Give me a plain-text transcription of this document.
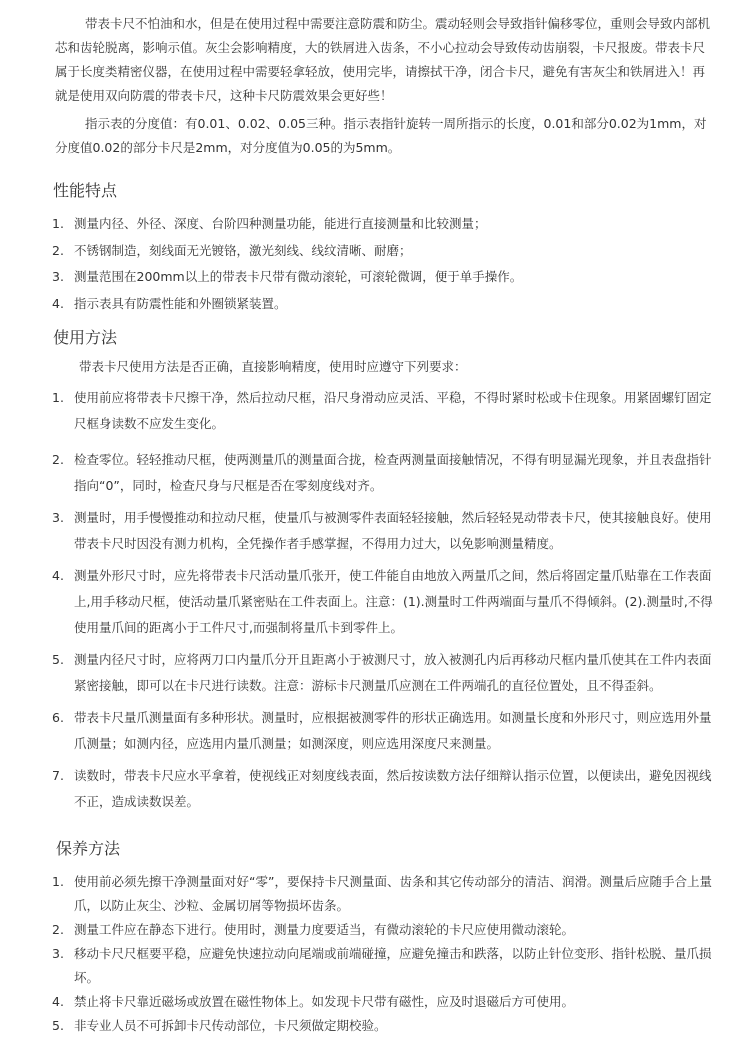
带表卡尺不怕油和水，但是在使用过程中需要注意防震和防尘。震动轻则会导致指针偏移零位，重则会导致内部机芯和齿轮脱离，影响示值。灰尘会影响精度，大的铁屑进入齿条，不小心拉动会导致传动齿崩裂，卡尺报废。带表卡尺属于长度类精密仪器，在使用过程中需要轻拿轻放，使用完毕，请擦拭干净，闭合卡尺，避免有害灰尘和铁屑进入！再就是使用双向防震的带表卡尺，这种卡尺防震效果会更好些！

指示表的分度值：有0.01、0.02、0.05三种。指示表指针旋转一周所指示的长度，0.01和部分0.02为1mm，对分度值0.02的部分卡尺是2mm，对分度值为0.05的为5mm。

性能特点
1. 测量内径、外径、深度、台阶四种测量功能，能进行直接测量和比较测量；
2. 不锈钢制造，刻线面无光镀铬，激光刻线、线纹清晰、耐磨；
3. 测量范围在200mm以上的带表卡尺带有微动滚轮，可滚轮微调，便于单手操作。
4. 指示表具有防震性能和外圈锁紧装置。
使用方法

带表卡尺使用方法是否正确，直接影响精度，使用时应遵守下列要求：

1. 使用前应将带表卡尺擦干净，然后拉动尺框，沿尺身滑动应灵活、平稳，不得时紧时松或卡住现象。用紧固螺钉固定尺框身读数不应发生变化。
2. 检查零位。轻轻推动尺框，使两测量爪的测量面合拢，检查两测量面接触情况，不得有明显漏光现象，并且表盘指针指向“0”，同时，检查尺身与尺框是否在零刻度线对齐。
3. 测量时，用手慢慢推动和拉动尺框，使量爪与被测零件表面轻轻接触，然后轻轻晃动带表卡尺，使其接触良好。使用带表卡尺时因没有测力机构，全凭操作者手感掌握，不得用力过大，以免影响测量精度。
4. 测量外形尺寸时，应先将带表卡尺活动量爪张开，使工件能自由地放入两量爪之间，然后将固定量爪贴靠在工作表面上,用手移动尺框，使活动量爪紧密贴在工件表面上。注意：(1).测量时工件两端面与量爪不得倾斜。(2).测量时,不得使用量爪间的距离小于工件尺寸,而强制将量爪卡到零件上。
5. 测量内径尺寸时，应将两刀口内量爪分开且距离小于被测尺寸，放入被测孔内后再移动尺框内量爪使其在工件内表面紧密接触，即可以在卡尺进行读数。注意：游标卡尺测量爪应测在工件两端孔的直径位置处，且不得歪斜。
6. 带表卡尺量爪测量面有多种形状。测量时，应根据被测零件的形状正确选用。如测量长度和外形尺寸，则应选用外量爪测量；如测内径，应选用内量爪测量；如测深度，则应选用深度尺来测量。
7. 读数时，带表卡尺应水平拿着，使视线正对刻度线表面，然后按读数方法仔细辩认指示位置，以便读出，避免因视线不正，造成读数误差。
保养方法
1. 使用前必须先擦干净测量面对好“零”，要保持卡尺测量面、齿条和其它传动部分的清洁、润滑。测量后应随手合上量爪，以防止灰尘、沙粒、金属切屑等物损坏齿条。
2. 测量工件应在静态下进行。使用时，测量力度要适当，有微动滚轮的卡尺应使用微动滚轮。
3. 移动卡尺尺框要平稳，应避免快速拉动向尾端或前端碰撞，应避免撞击和跌落，以防止针位变形、指针松脱、量爪损坏。
4. 禁止将卡尺靠近磁场或放置在磁性物体上。如发现卡尺带有磁性，应及时退磁后方可使用。
5. 非专业人员不可拆卸卡尺传动部位，卡尺须做定期校验。
